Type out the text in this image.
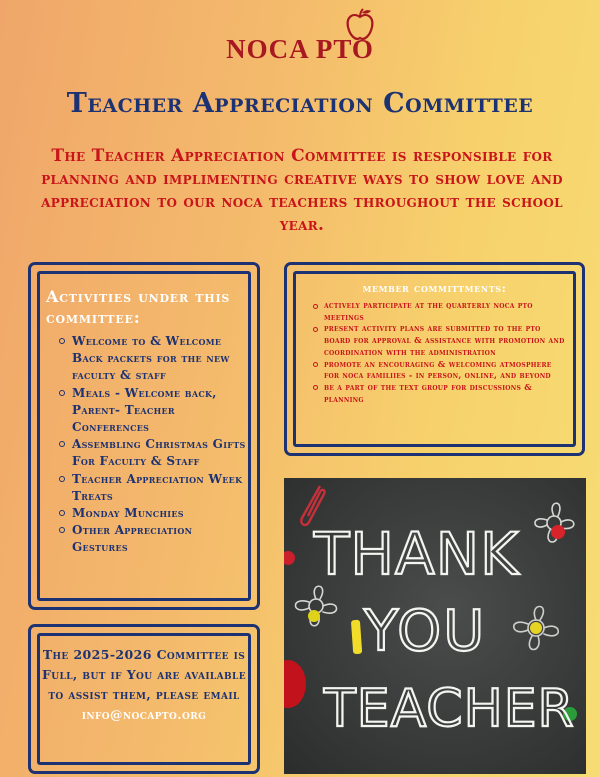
NOCA PTO
Teacher Appreciation Committee
The Teacher Appreciation Committee is responsible for planning and implimenting creative ways to show love and appreciation to our noca teachers throughout the school year.
Activities under this committee:
Welcome to & Welcome Back packets for the new faculty & staff
Meals - Welcome back, Parent- Teacher Conferences
Assembling Christmas Gifts For Faculty & Staff
Teacher Appreciation Week Treats
Monday Munchies
Other Appreciation Gestures
member committments:
actively participate at the quarterly noca pto meetings
present activity plans are submitted to the pto board for approval & assistance with promotion and coordination with the administration
promote an encouraging & welcoming atmosphere for noca familiies - in person, online, and beyond
be a part of the text group for discussions & planning
The 2025-2026 Committee is Full, but if You are available to assist them, please email info@nocapto.org
THANK
YOU
TEACHER
